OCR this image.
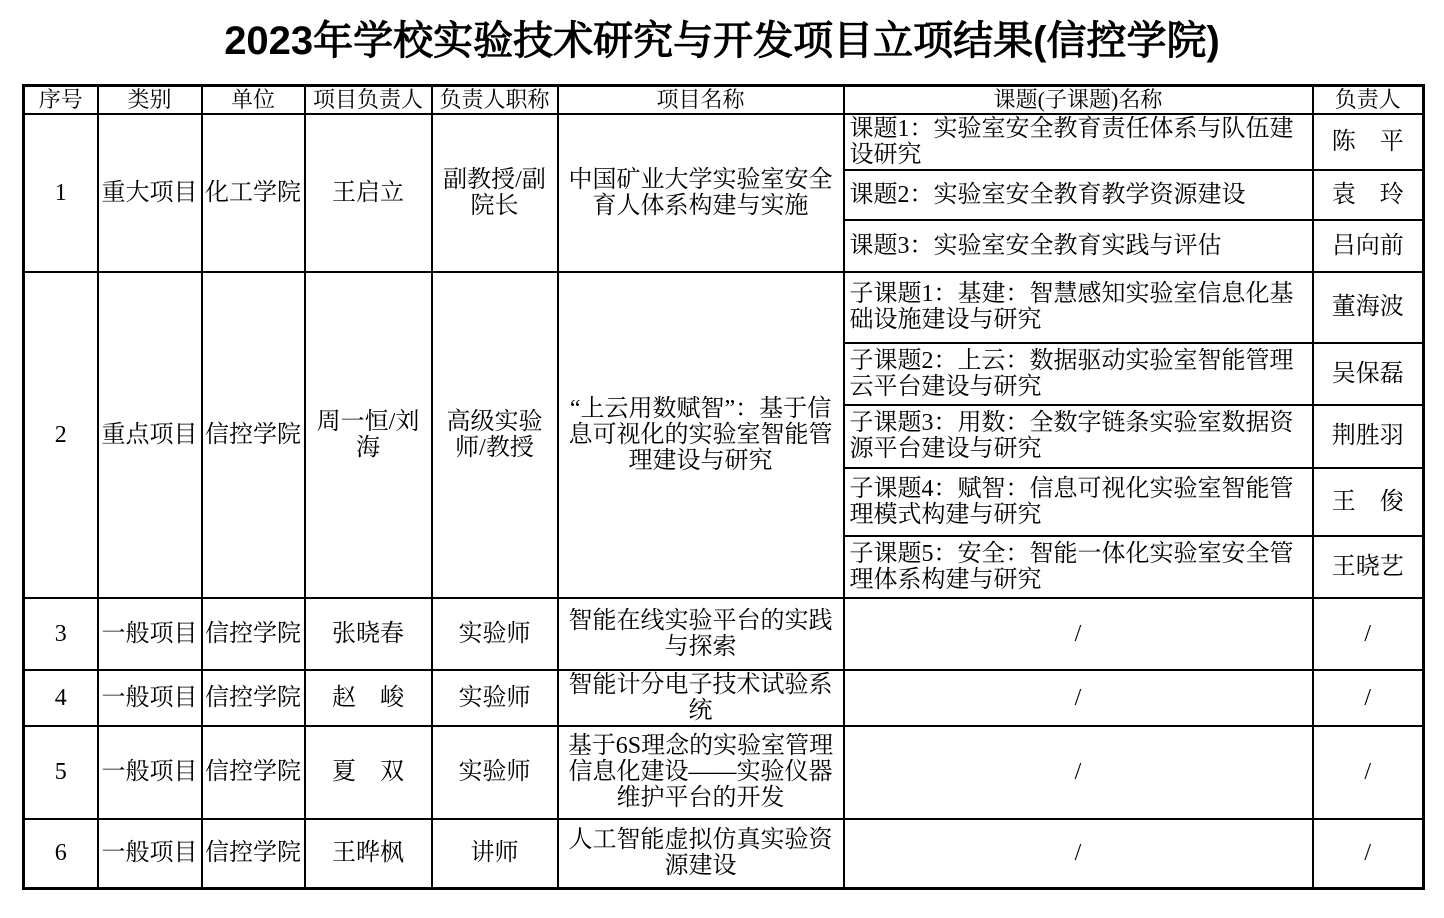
2023年学校实验技术研究与开发项目立项结果(信控学院)
序号	类别	单位	项目负责人	负责人职称	项目名称	课题(子课题)名称	负责人
1	重大项目	化工学院	王启立	副教授/副院长	中国矿业大学实验室安全育人体系构建与实施	课题1：实验室安全教育责任体系与队伍建设研究	陈　平
						课题2：实验室安全教育教学资源建设	袁　玲
						课题3：实验室安全教育实践与评估	吕向前
2	重点项目	信控学院	周一恒/刘海	高级实验师/教授	“上云用数赋智”：基于信息可视化的实验室智能管理建设与研究	子课题1：基建：智慧感知实验室信息化基础设施建设与研究	董海波
						子课题2：上云：数据驱动实验室智能管理云平台建设与研究	吴保磊
						子课题3：用数：全数字链条实验室数据资源平台建设与研究	荆胜羽
						子课题4：赋智：信息可视化实验室智能管理模式构建与研究	王　俊
						子课题5：安全：智能一体化实验室安全管理体系构建与研究	王晓艺
3	一般项目	信控学院	张晓春	实验师	智能在线实验平台的实践与探索	/	/
4	一般项目	信控学院	赵　峻	实验师	智能计分电子技术试验系统	/	/
5	一般项目	信控学院	夏　双	实验师	基于6S理念的实验室管理信息化建设——实验仪器维护平台的开发	/	/
6	一般项目	信控学院	王晔枫	讲师	人工智能虚拟仿真实验资源建设	/	/
